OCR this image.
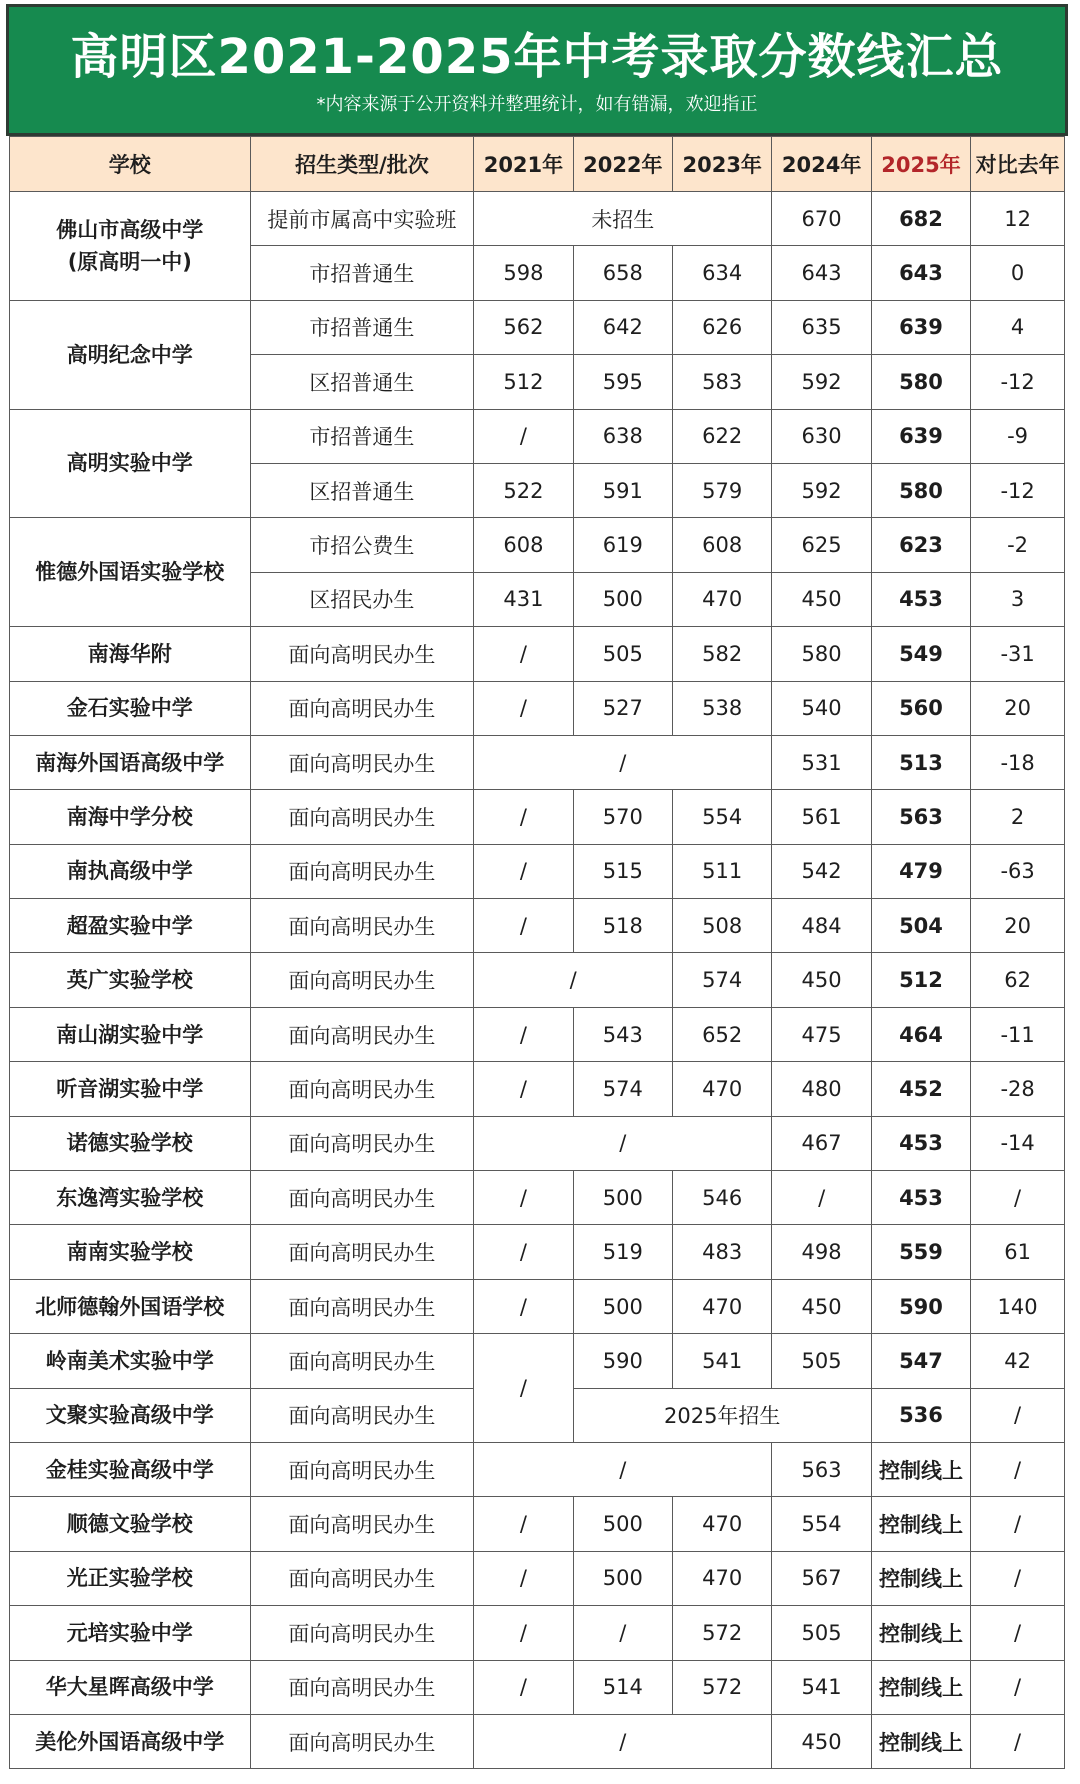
高明区2021-2025年中考录取分数线汇总
*内容来源于公开资料并整理统计，如有错漏，欢迎指正
学校	招生类型/批次	2021年	2022年	2023年	2024年	2025年	对比去年

佛山市高级中学
(原高明一中)	提前市属高中实验班	未招生			670	682	12
	市招普通生	598	658	634	643	643	0
高明纪念中学	市招普通生	562	642	626	635	639	4
	区招普通生	512	595	583	592	580	-12
高明实验中学	市招普通生	/	638	622	630	639	-9
	区招普通生	522	591	579	592	580	-12
惟德外国语实验学校	市招公费生	608	619	608	625	623	-2
	区招民办生	431	500	470	450	453	3
南海华附	面向高明民办生	/	505	582	580	549	-31
金石实验中学	面向高明民办生	/	527	538	540	560	20
南海外国语高级中学	面向高明民办生	/			531	513	-18
南海中学分校	面向高明民办生	/	570	554	561	563	2
南执高级中学	面向高明民办生	/	515	511	542	479	-63
超盈实验中学	面向高明民办生	/	518	508	484	504	20
英广实验学校	面向高明民办生	/		574	450	512	62
南山湖实验中学	面向高明民办生	/	543	652	475	464	-11
听音湖实验中学	面向高明民办生	/	574	470	480	452	-28
诺德实验学校	面向高明民办生	/			467	453	-14
东逸湾实验学校	面向高明民办生	/	500	546	/	453	/
南南实验学校	面向高明民办生	/	519	483	498	559	61
北师德翰外国语学校	面向高明民办生	/	500	470	450	590	140
岭南美术实验中学	面向高明民办生	/	590	541	505	547	42
文聚实验高级中学	面向高明民办生		2025年招生			536	/
金桂实验高级中学	面向高明民办生	/			563	控制线上	/
顺德文验学校	面向高明民办生	/	500	470	554	控制线上	/
光正实验学校	面向高明民办生	/	500	470	567	控制线上	/
元培实验中学	面向高明民办生	/	/	572	505	控制线上	/
华大星晖高级中学	面向高明民办生	/	514	572	541	控制线上	/
美伦外国语高级中学	面向高明民办生	/			450	控制线上	/
